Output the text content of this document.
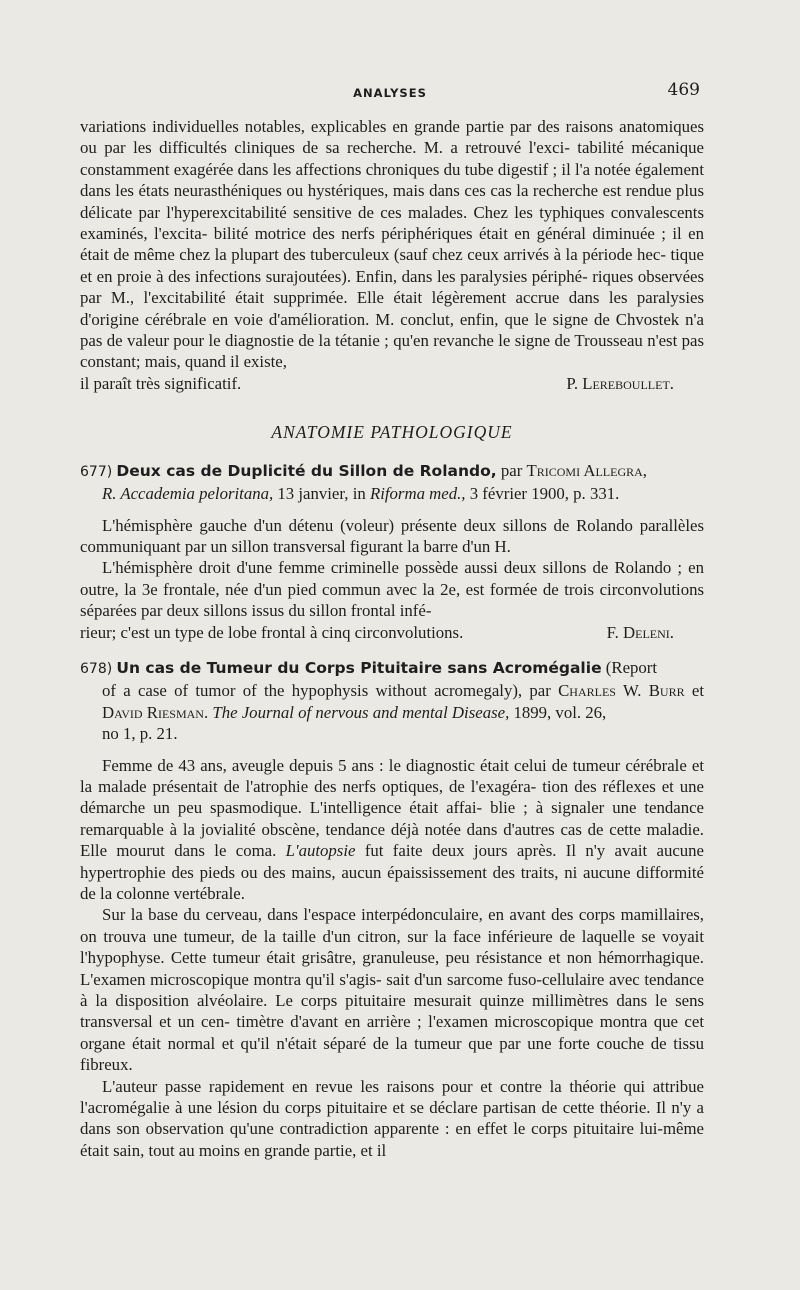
ANALYSES	469

variations individuelles notables, explicables en grande partie par des raisons anatomiques ou par les difficultés cliniques de sa recherche. M. a retrouvé l'exci- tabilité mécanique constamment exagérée dans les affections chroniques du tube digestif ; il l'a notée également dans les états neurasthéniques ou hystériques, mais dans ces cas la recherche est rendue plus délicate par l'hyperexcitabilité sensitive de ces malades. Chez les typhiques convalescents examinés, l'excita- bilité motrice des nerfs périphériques était en général diminuée ; il en était de même chez la plupart des tuberculeux (sauf chez ceux arrivés à la période hec- tique et en proie à des infections surajoutées). Enfin, dans les paralysies périphé- riques observées par M., l'excitabilité était supprimée. Elle était légèrement accrue dans les paralysies d'origine cérébrale en voie d'amélioration. M. conclut, enfin, que le signe de Chvostek n'a pas de valeur pour le diagnostie de la tétanie ; qu'en revanche le signe de Trousseau n'est pas constant; mais, quand il existe,

il paraît très significatif.	P. Lereboullet.
ANATOMIE PATHOLOGIQUE

677) Deux cas de Duplicité du Sillon de Rolando, par Tricomi Allegra,

R. Accademia peloritana, 13 janvier, in Riforma med., 3 février 1900, p. 331.

L'hémisphère gauche d'un détenu (voleur) présente deux sillons de Rolando parallèles communiquant par un sillon transversal figurant la barre d'un H.

L'hémisphère droit d'une femme criminelle possède aussi deux sillons de Rolando ; en outre, la 3e frontale, née d'un pied commun avec la 2e, est formée de trois circonvolutions séparées par deux sillons issus du sillon frontal infé-

rieur; c'est un type de lobe frontal à cinq circonvolutions.	F. Deleni.

678) Un cas de Tumeur du Corps Pituitaire sans Acromégalie (Report

of a case of tumor of the hypophysis without acromegaly), par Charles W. Burr et David Riesman. The Journal of nervous and mental Disease, 1899, vol. 26,

no 1, p. 21.

Femme de 43 ans, aveugle depuis 5 ans : le diagnostic était celui de tumeur cérébrale et la malade présentait de l'atrophie des nerfs optiques, de l'exagéra- tion des réflexes et une démarche un peu spasmodique. L'intelligence était affai- blie ; à signaler une tendance remarquable à la jovialité obscène, tendance déjà notée dans d'autres cas de cette maladie. Elle mourut dans le coma. L'autopsie fut faite deux jours après. Il n'y avait aucune hypertrophie des pieds ou des mains, aucun épaississement des traits, ni aucune difformité de la colonne vertébrale.

Sur la base du cerveau, dans l'espace interpédonculaire, en avant des corps mamillaires, on trouva une tumeur, de la taille d'un citron, sur la face inférieure de laquelle se voyait l'hypophyse. Cette tumeur était grisâtre, granuleuse, peu résistance et non hémorrhagique. L'examen microscopique montra qu'il s'agis- sait d'un sarcome fuso-cellulaire avec tendance à la disposition alvéolaire. Le corps pituitaire mesurait quinze millimètres dans le sens transversal et un cen- timètre d'avant en arrière ; l'examen microscopique montra que cet organe était normal et qu'il n'était séparé de la tumeur que par une forte couche de tissu fibreux.

L'auteur passe rapidement en revue les raisons pour et contre la théorie qui attribue l'acromégalie à une lésion du corps pituitaire et se déclare partisan de cette théorie. Il n'y a dans son observation qu'une contradiction apparente : en effet le corps pituitaire lui-même était sain, tout au moins en grande partie, et il
